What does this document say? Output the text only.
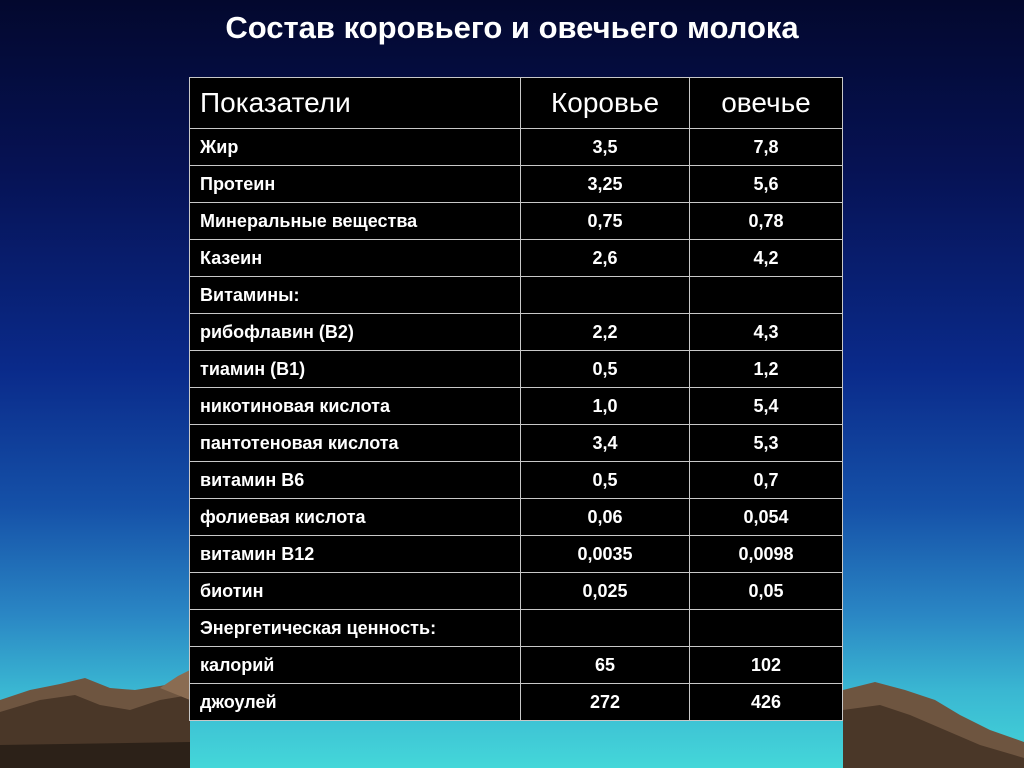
Состав коровьего и овечьего молока
Показатели	Коровье	овечье
Жир	3,5	7,8
Протеин	3,25	5,6
Минеральные вещества	0,75	0,78
Казеин	2,6	4,2
Витамины:		
рибофлавин (В2)	2,2	4,3
тиамин (В1)	0,5	1,2
никотиновая кислота	1,0	5,4
пантотеновая кислота	3,4	5,3
витамин В6	0,5	0,7
фолиевая кислота	0,06	0,054
витамин В12	0,0035	0,0098
биотин	0,025	0,05
Энергетическая ценность:		
калорий	65	102
джоулей	272	426
